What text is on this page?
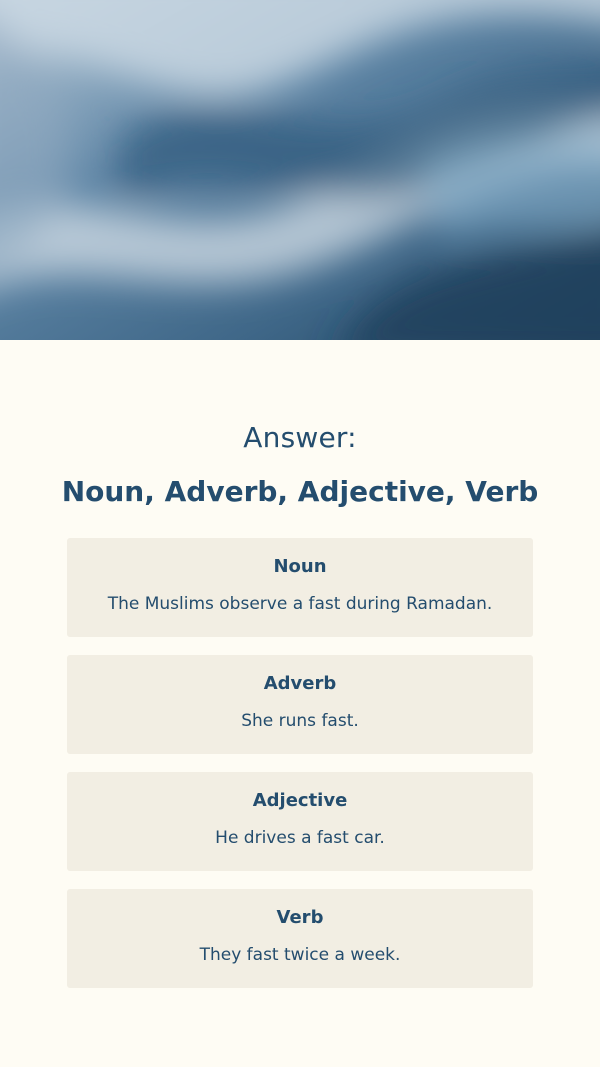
Answer:
Noun, Adverb, Adjective, Verb
Noun
The Muslims observe a fast during Ramadan.
Adverb
She runs fast.
Adjective
He drives a fast car.
Verb
They fast twice a week.
